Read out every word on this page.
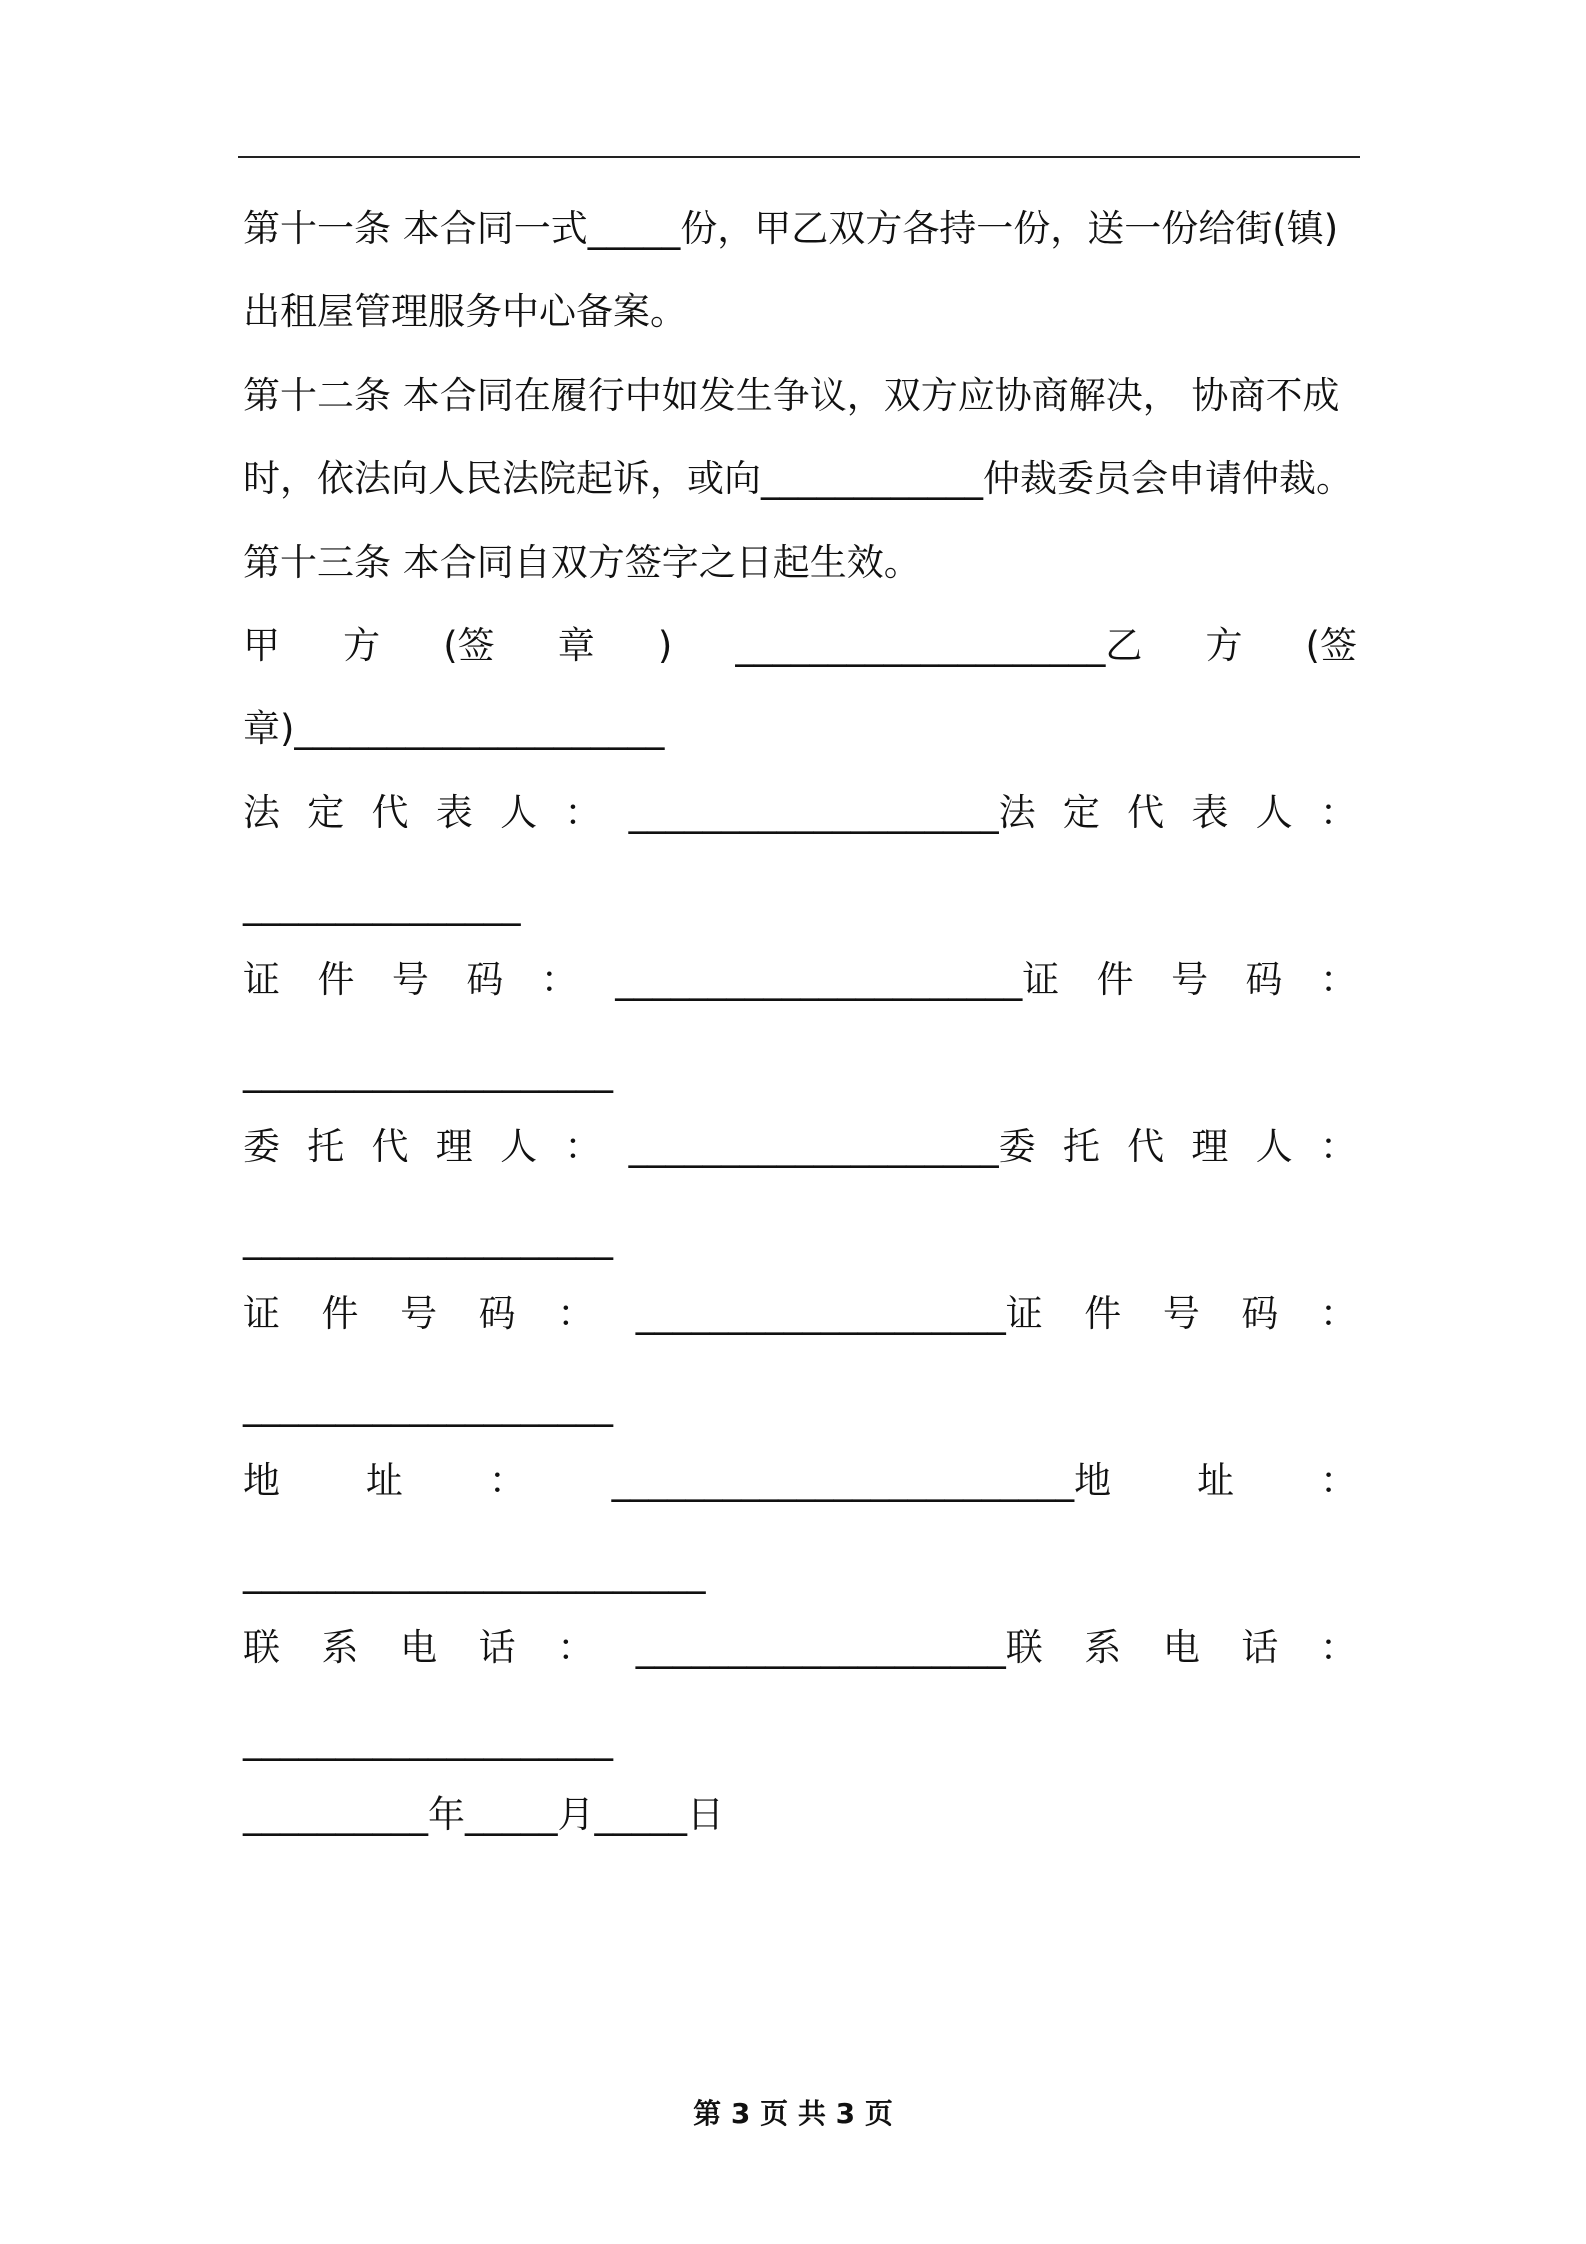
第十一条 本合同一式_____份，甲乙双方各持一份，送一份给街(镇)
出租屋管理服务中心备案。
第十二条 本合同在履行中如发生争议，双方应协商解决， 协商不成
时，依法向人民法院起诉，或向____________仲裁委员会申请仲裁。
第十三条 本合同自双方签字之日起生效。
甲 方 (签 章 ) ____________________乙 方 (签
章)____________________
法 定 代 表 人 ： ____________________法 定 代 表 人 ：
_______________
证 件 号 码 ： ______________________证 件 号 码 ：
____________________
委 托 代 理 人 ： ____________________委 托 代 理 人 ：
____________________
证 件 号 码 ： ____________________证 件 号 码 ：
____________________
地 址 ： _________________________地 址 ：
_________________________
联 系 电 话 ： ____________________联 系 电 话 ：
____________________
__________年_____月_____日
第 3 页 共 3 页
